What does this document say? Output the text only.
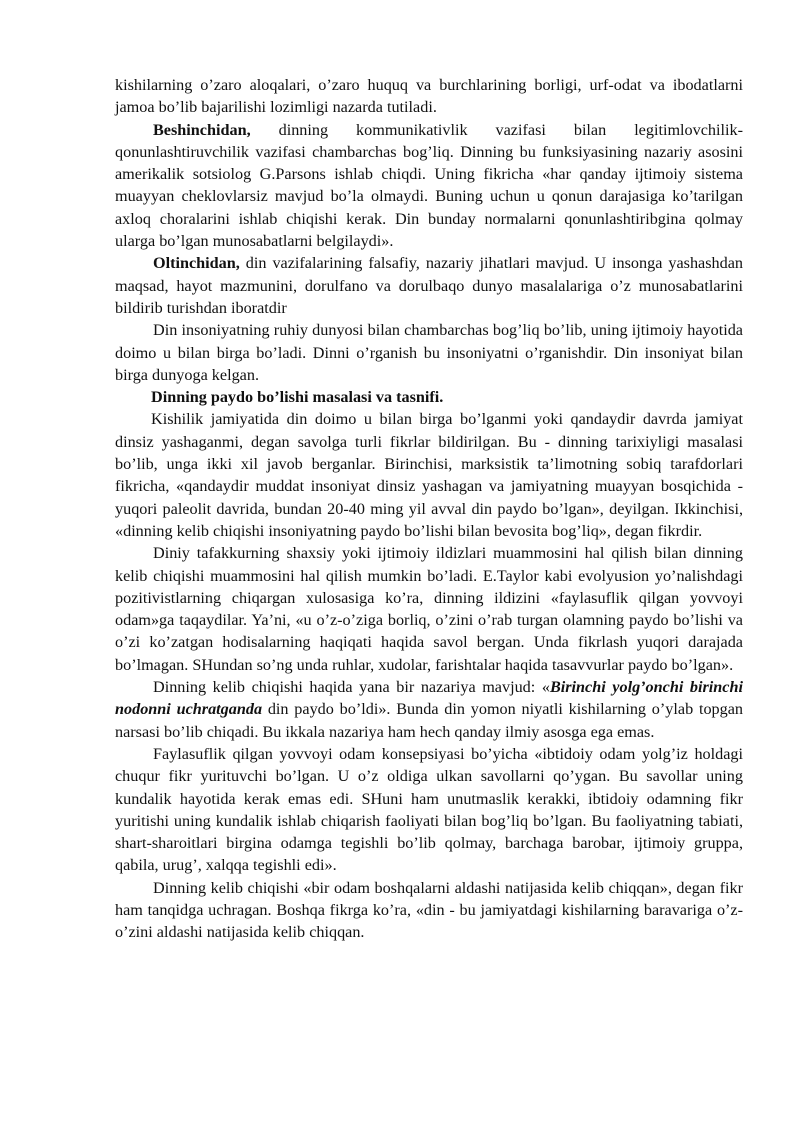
kishilarning o’zaro aloqalari, o’zaro huquq va burchlarining borligi, urf-odat va ibodatlarni jamoa bo’lib bajarilishi lozimligi nazarda tutiladi.

Beshinchidan, dinning kommunikativlik vazifasi bilan legitimlovchilik-qonunlashtiruvchilik vazifasi chambarchas bog’liq. Dinning bu funksiyasining nazariy asosini amerikalik sotsiolog G.Parsons ishlab chiqdi. Uning fikricha «har qanday ijtimoiy sistema muayyan cheklovlarsiz mavjud bo’la olmaydi. Buning uchun u qonun darajasiga ko’tarilgan axloq choralarini ishlab chiqishi kerak. Din bunday normalarni qonunlashtiribgina qolmay ularga bo’lgan munosabatlarni belgilaydi».

Oltinchidan, din vazifalarining falsafiy, nazariy jihatlari mavjud. U insonga yashashdan maqsad, hayot mazmunini, dorulfano va dorulbaqo dunyo masalalariga o’z munosabatlarini bildirib turishdan iboratdir

Din insoniyatning ruhiy dunyosi bilan chambarchas bog’liq bo’lib, uning ijtimoiy hayotida doimo u bilan birga bo’ladi. Dinni o’rganish bu insoniyatni o’rganishdir. Din insoniyat bilan birga dunyoga kelgan.

Dinning paydo bo’lishi masalasi va tasnifi.

Kishilik jamiyatida din doimo u bilan birga bo’lganmi yoki qandaydir davrda jamiyat dinsiz yashaganmi, degan savolga turli fikrlar bildirilgan. Bu - dinning tarixiyligi masalasi bo’lib, unga ikki xil javob berganlar. Birinchisi, marksistik ta’limotning sobiq tarafdorlari fikricha, «qandaydir muddat insoniyat dinsiz yashagan va jamiyatning muayyan bosqichida - yuqori paleolit davrida, bundan 20-40 ming yil avval din paydo bo’lgan», deyilgan. Ikkinchisi, «dinning kelib chiqishi insoniyatning paydo bo’lishi bilan bevosita bog’liq», degan fikrdir.

Diniy tafakkurning shaxsiy yoki ijtimoiy ildizlari muammosini hal qilish bilan dinning kelib chiqishi muammosini hal qilish mumkin bo’ladi. E.Taylor kabi evolyusion yo’nalishdagi pozitivistlarning chiqargan xulosasiga ko’ra, dinning ildizini «faylasuflik qilgan yovvoyi odam»ga taqaydilar. Ya’ni, «u o’z-o’ziga borliq, o’zini o’rab turgan olamning paydo bo’lishi va o’zi ko’zatgan hodisalarning haqiqati haqida savol bergan. Unda fikrlash yuqori darajada bo’lmagan. SHundan so’ng unda ruhlar, xudolar, farishtalar haqida tasavvurlar paydo bo’lgan».

Dinning kelib chiqishi haqida yana bir nazariya mavjud: «Birinchi yolg’onchi birinchi nodonni uchratganda din paydo bo’ldi». Bunda din yomon niyatli kishilarning o’ylab topgan narsasi bo’lib chiqadi. Bu ikkala nazariya ham hech qanday ilmiy asosga ega emas.

Faylasuflik qilgan yovvoyi odam konsepsiyasi bo’yicha «ibtidoiy odam yolg’iz holdagi chuqur fikr yurituvchi bo’lgan. U o’z oldiga ulkan savollarni qo’ygan. Bu savollar uning kundalik hayotida kerak emas edi. SHuni ham unutmaslik kerakki, ibtidoiy odamning fikr yuritishi uning kundalik ishlab chiqarish faoliyati bilan bog’liq bo’lgan. Bu faoliyatning tabiati, shart-sharoitlari birgina odamga tegishli bo’lib qolmay, barchaga barobar, ijtimoiy gruppa, qabila, urug’, xalqqa tegishli edi».

Dinning kelib chiqishi «bir odam boshqalarni aldashi natijasida kelib chiqqan», degan fikr ham tanqidga uchragan. Boshqa fikrga ko’ra, «din - bu jamiyatdagi kishilarning baravariga o’z-o’zini aldashi natijasida kelib chiqqan.
